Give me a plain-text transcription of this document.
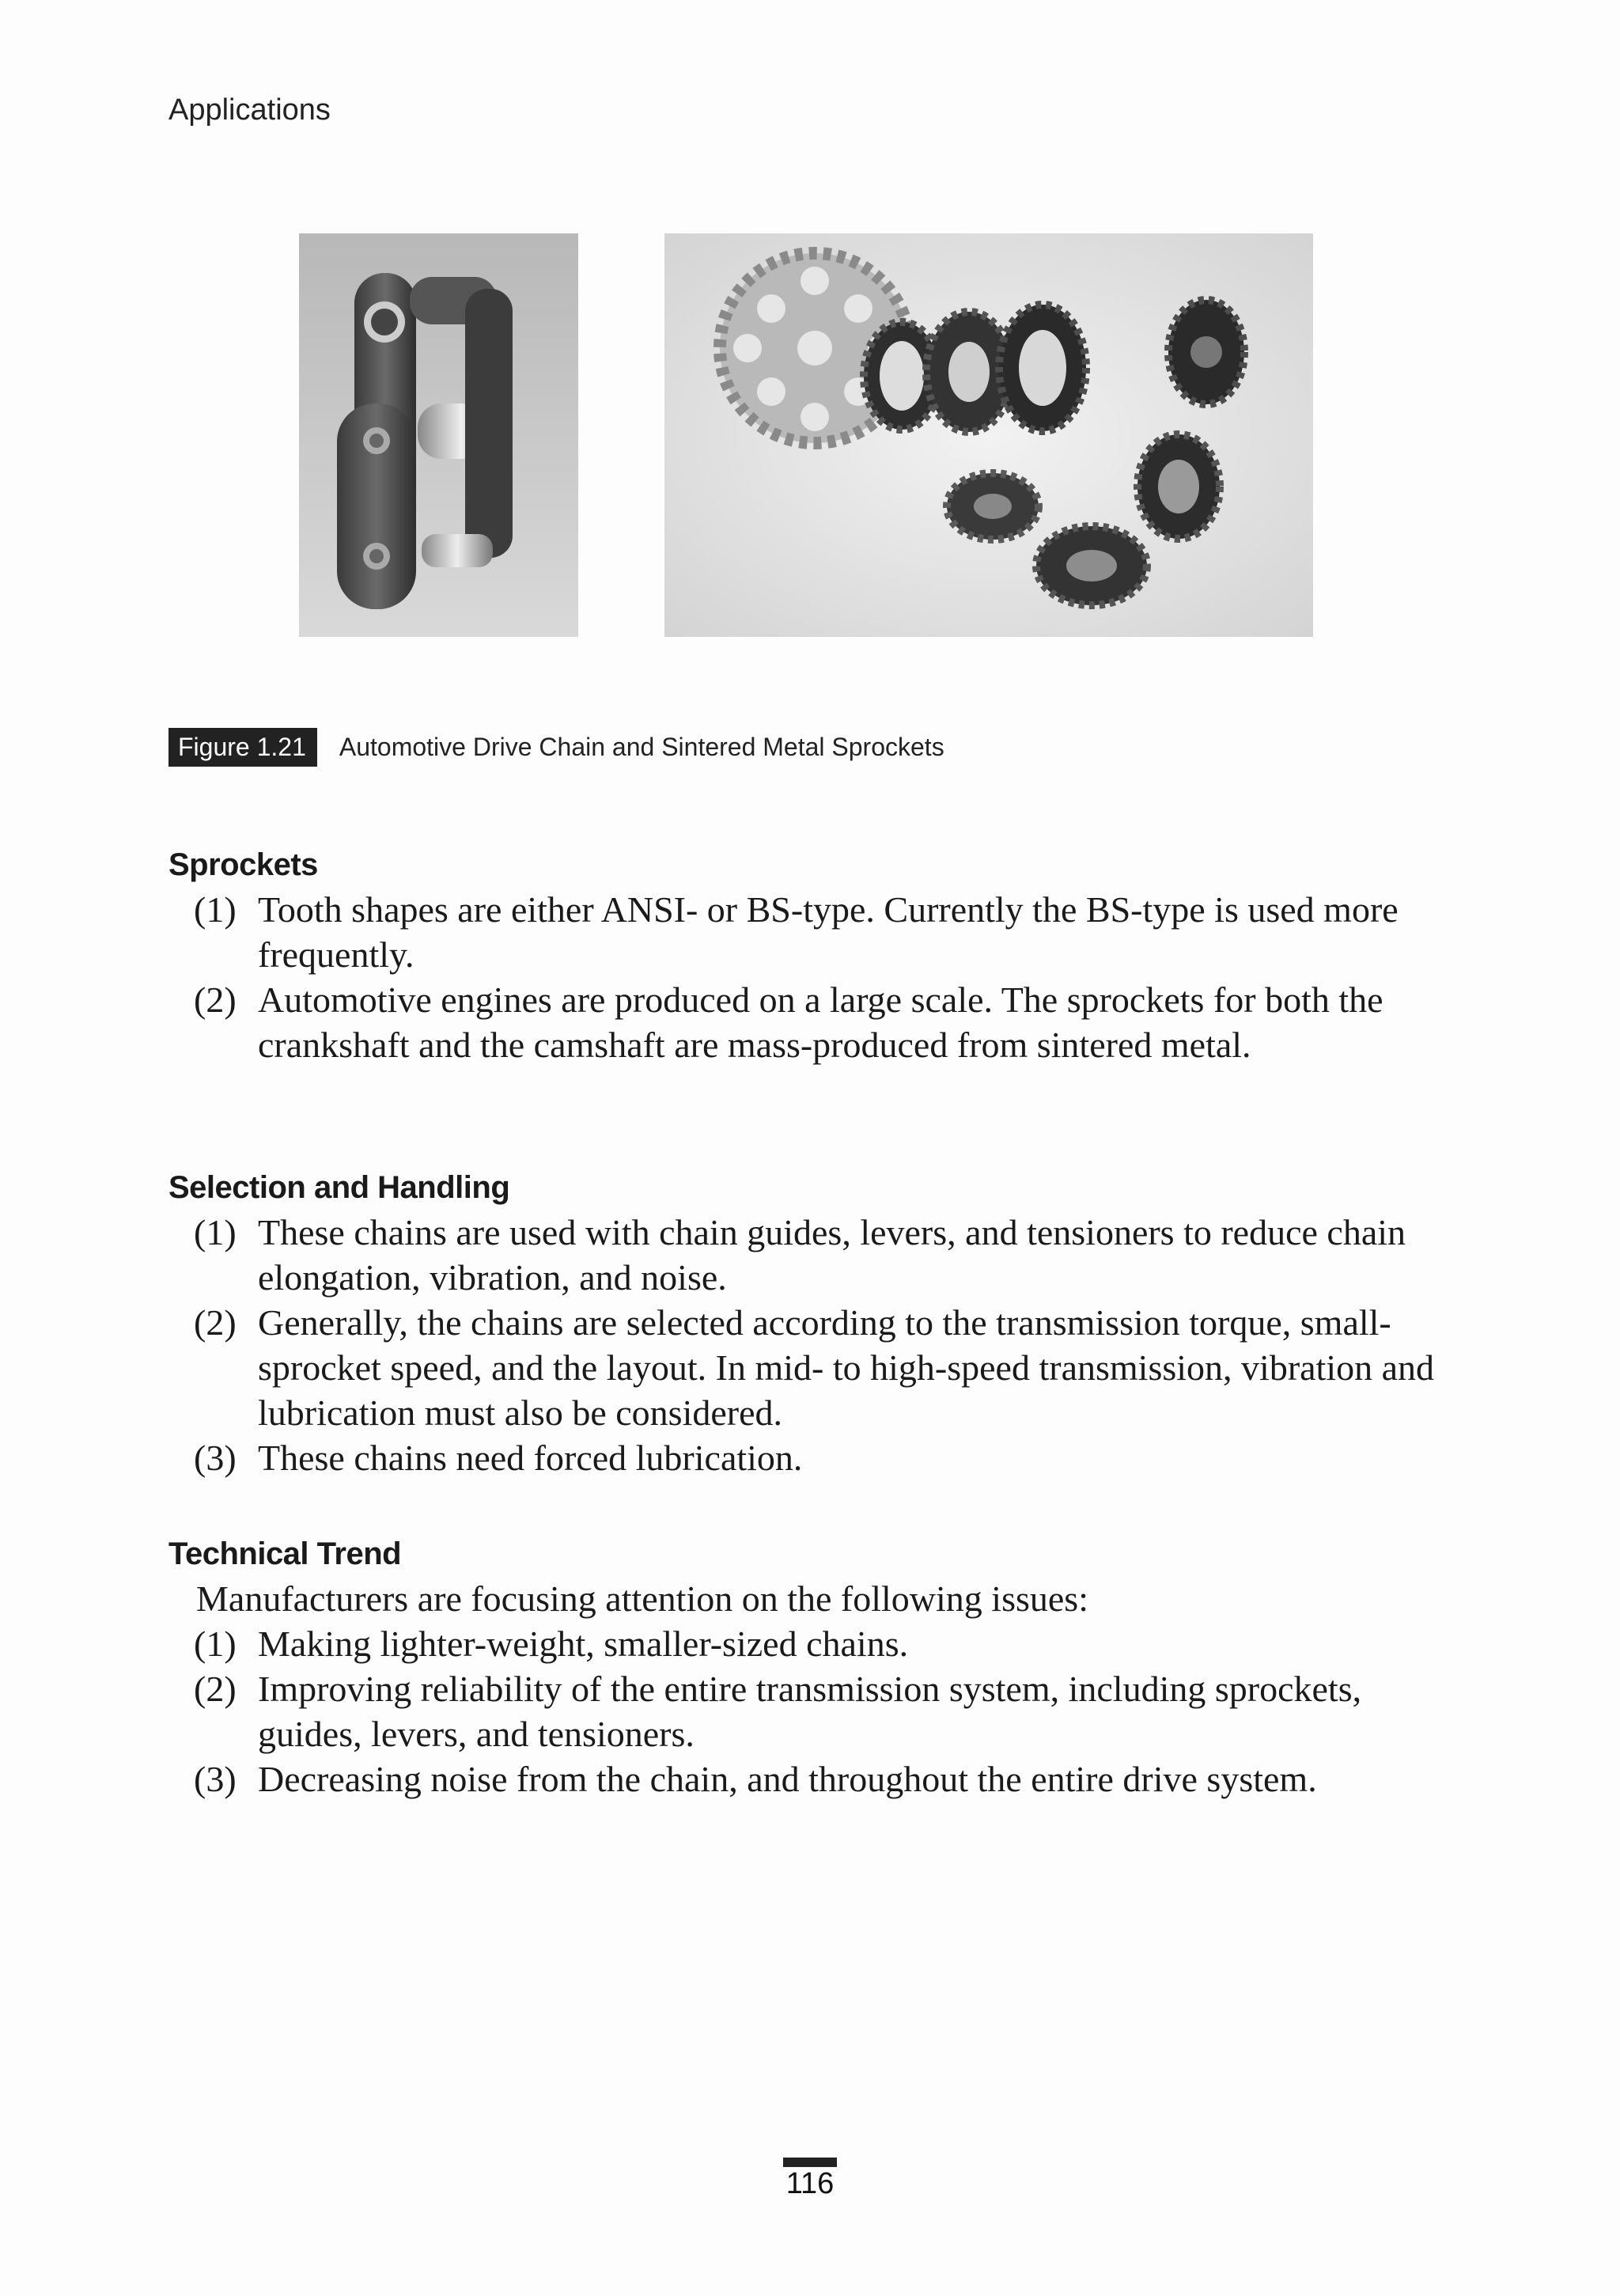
Applications
Figure 1.21	Automotive Drive Chain and Sintered Metal Sprockets
Sprockets
(1) Tooth shapes are either ANSI- or BS-type. Currently the BS-type is used more frequently.
(2) Automotive engines are produced on a large scale. The sprockets for both the crankshaft and the camshaft are mass-produced from sintered metal.
Selection and Handling
(1) These chains are used with chain guides, levers, and tensioners to reduce chain elongation, vibration, and noise.
(2) Generally, the chains are selected according to the transmission torque, small-sprocket speed, and the layout. In mid- to high-speed transmission, vibration and lubrication must also be considered.
(3) These chains need forced lubrication.
Technical Trend

Manufacturers are focusing attention on the following issues:

(1) Making lighter-weight, smaller-sized chains.
(2) Improving reliability of the entire transmission system, including sprockets, guides, levers, and tensioners.
(3) Decreasing noise from the chain, and throughout the entire drive system.
116
